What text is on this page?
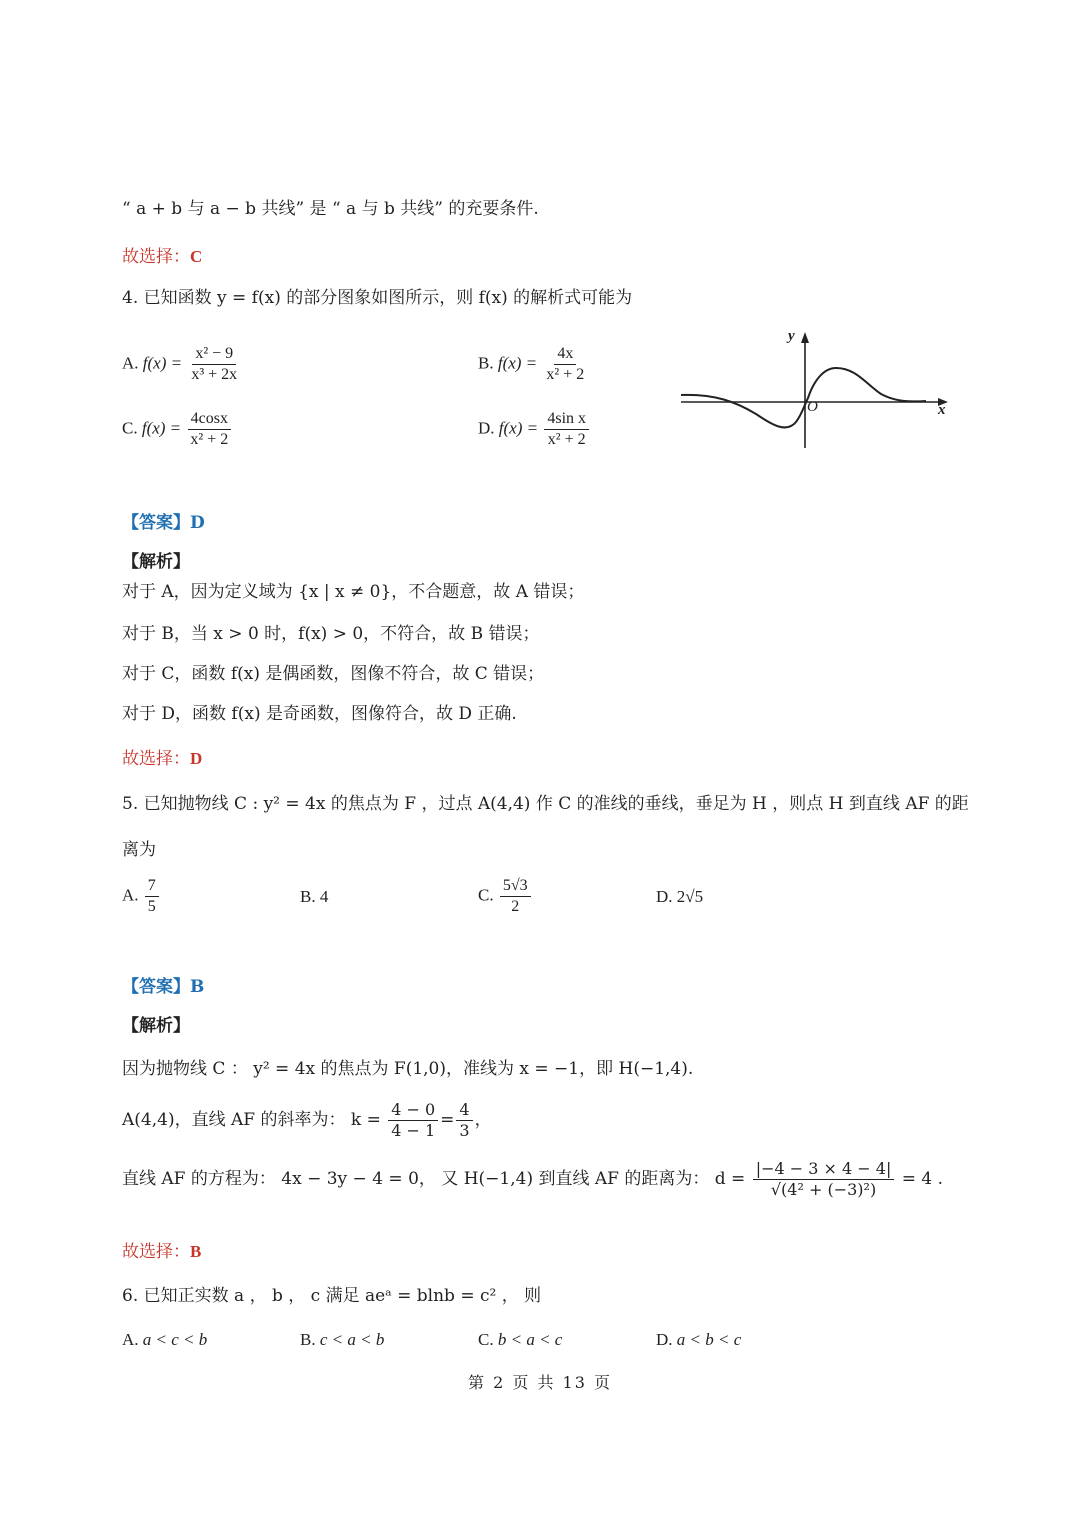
“ a + b 与 a − b 共线” 是 “ a 与 b 共线” 的充要条件.
故选择：C
4. 已知函数 y = f(x) 的部分图象如图所示，则 f(x) 的解析式可能为
A. $f(x) = \frac{\text{x² − 9}}{\text{x³ + 2x}}$	B. $f(x) = \frac{4x}{\text{x² + 2}}$
C. $f(x) = \frac{4\cos x}{\text{x² + 2}}$	D. $f(x) = \frac{\text{4sin x}}{\text{x² + 2}}$	x
y
O
【答案】D
【解析】
对于 A，因为定义域为 {x | x ≠ 0}，不合题意，故 A 错误；
对于 B，当 x > 0 时，f(x) > 0，不符合，故 B 错误；
对于 C，函数 f(x) 是偶函数，图像不符合，故 C 错误；
对于 D，函数 f(x) 是奇函数，图像符合，故 D 正确.
故选择：D
5. 已知抛物线 C : y² = 4x 的焦点为 F ，过点 A(4,4) 作 C 的准线的垂线，垂足为 H ，则点 H 到直线 AF 的距
离为
A. $\frac{7}{5}$	B. 4	C. $\frac{5√3}{2}$	D. 2√5
【答案】B
【解析】
因为抛物线 C ： y² = 4x 的焦点为 F(1,0)，准线为 x = −1，即 H(−1,4).
A(4,4)，直线 AF 的斜率为： $k = \frac{4 - 0}{4 - 1} = \frac{4}{3}$ ，
直线 AF 的方程为： 4x − 3y − 4 = 0， 又 H(−1,4) 到直线 AF 的距离为： $d = \frac{|-4 - 3 \times 4 - 4|}{\text{√(4² + (−3)²)}} = 4$ .
故选择：B
6. 已知正实数 a ， b ， c 满足 aeᵃ = blnb = c² ， 则
A. a < c < b	B. c < a < b	C. b < a < c	D. a < b < c
第 2 页 共 13 页
